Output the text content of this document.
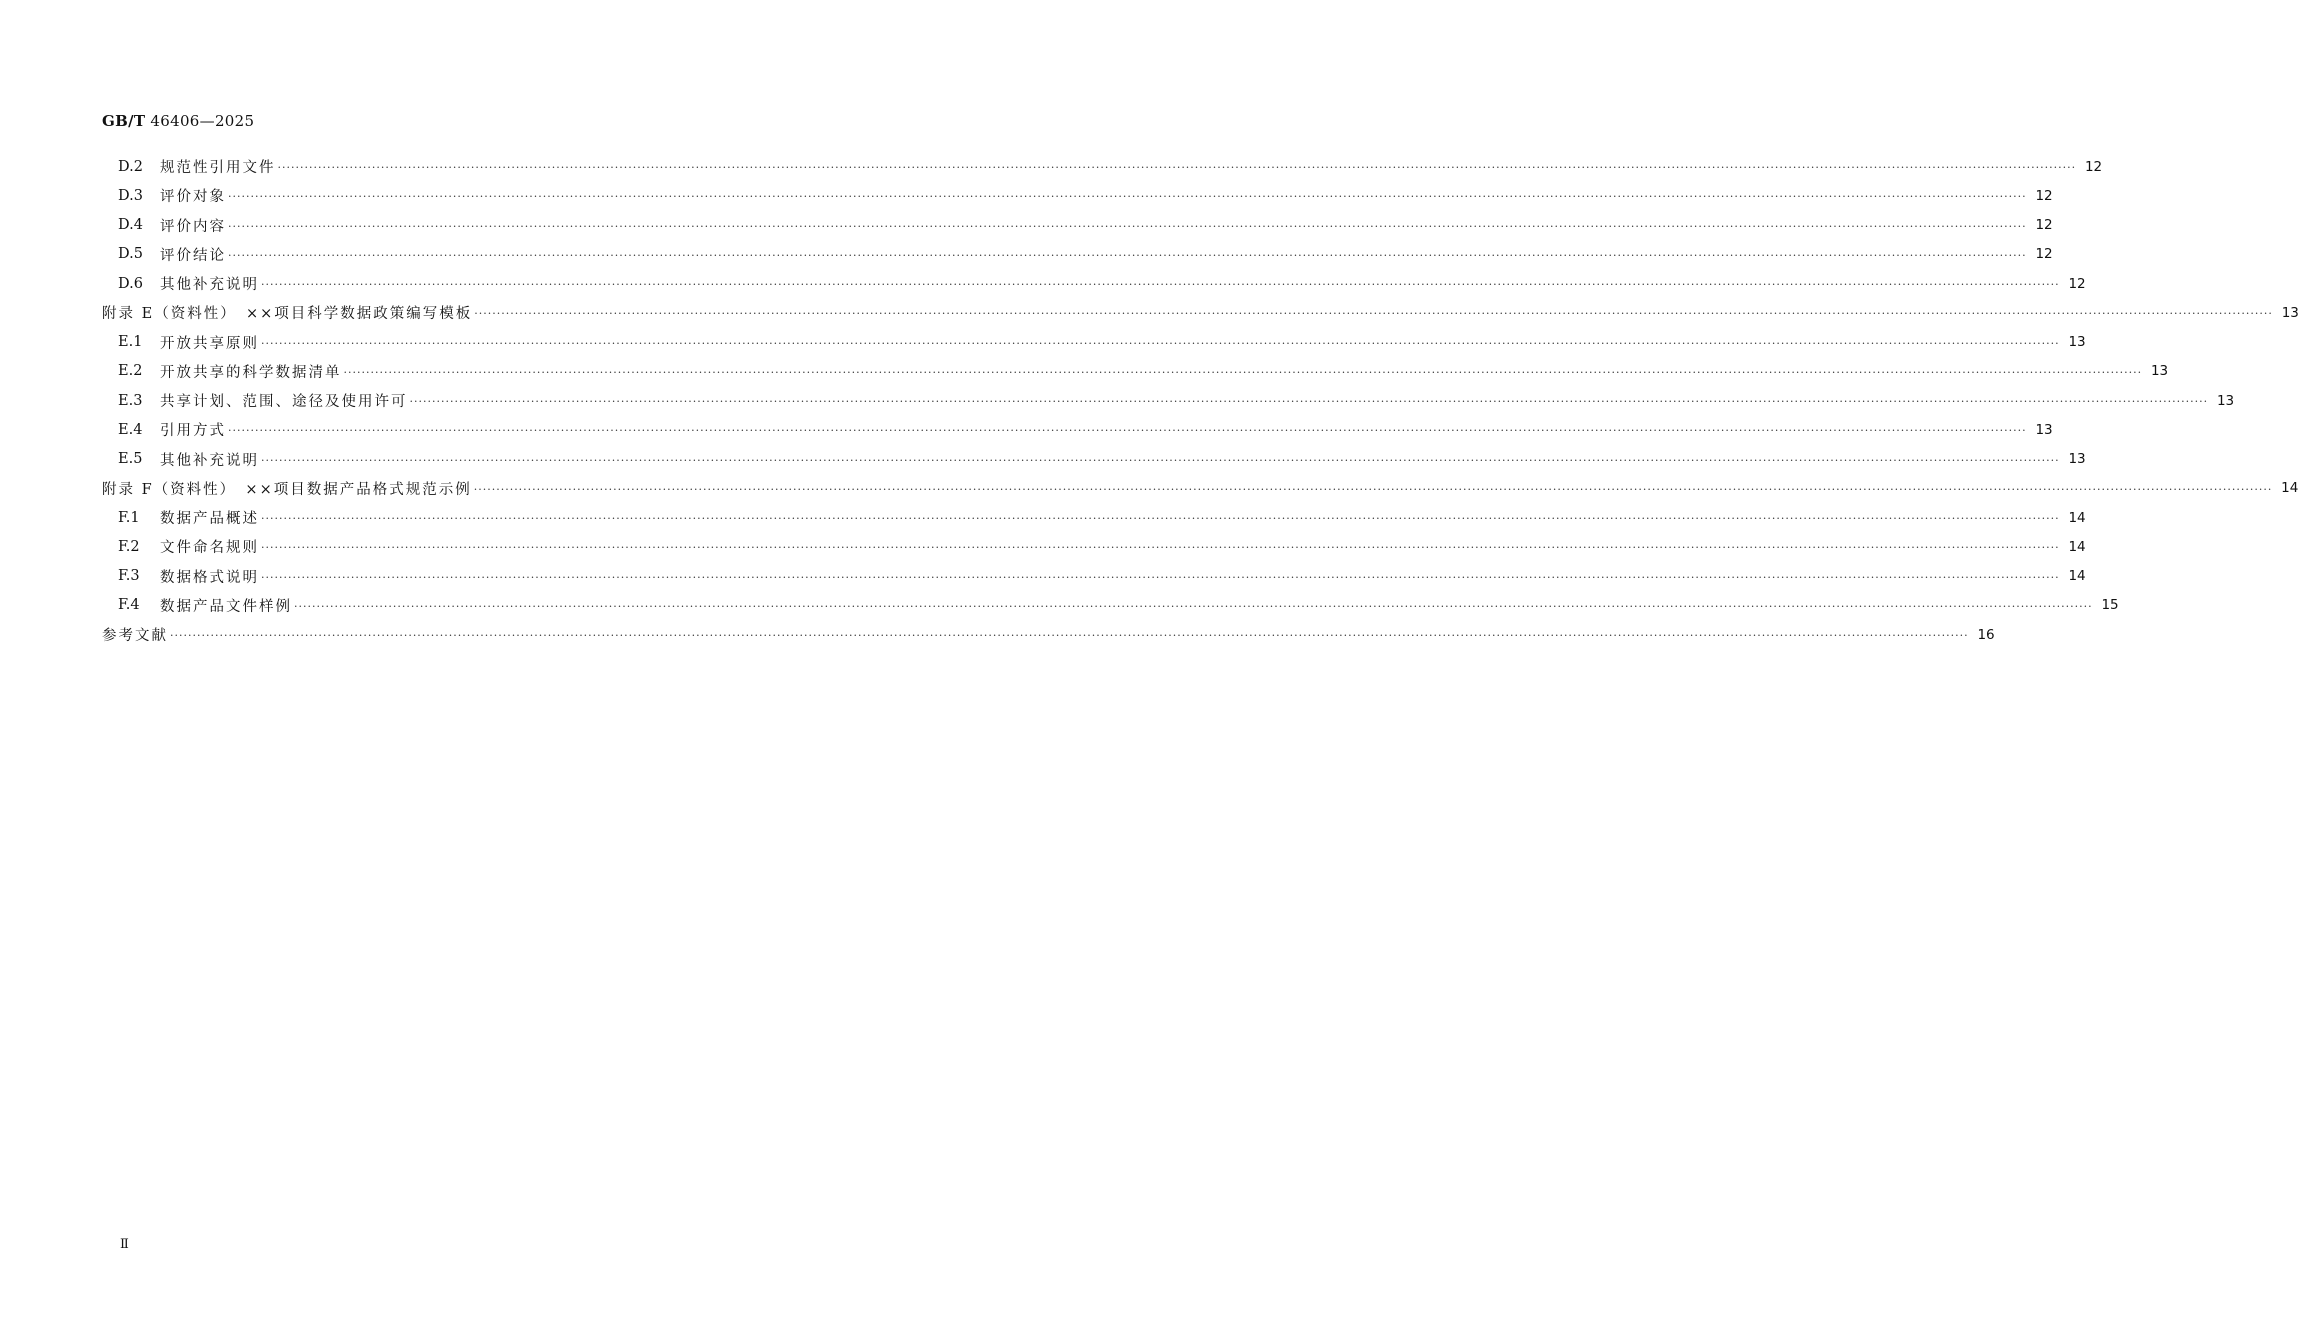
GB/T 46406—2025
D.2	规范性引用文件 ················································································································································································································································································································································································································ 12
D.3	评价对象 ················································································································································································································································································································································································································ 12
D.4	评价内容 ················································································································································································································································································································································································································ 12
D.5	评价结论 ················································································································································································································································································································································································································ 12
D.6	其他补充说明 ················································································································································································································································································································································································································ 12
附录 E（资料性）　××项目科学数据政策编写模板 ················································································································································································································································································································································································································ 13
E.1	开放共享原则 ················································································································································································································································································································································································································ 13
E.2	开放共享的科学数据清单 ················································································································································································································································································································································································································ 13
E.3	共享计划、范围、途径及使用许可 ················································································································································································································································································································································································································ 13
E.4	引用方式 ················································································································································································································································································································································································································ 13
E.5	其他补充说明 ················································································································································································································································································································································································································ 13
附录 F（资料性）　××项目数据产品格式规范示例 ················································································································································································································································································································································································································ 14
F.1	数据产品概述 ················································································································································································································································································································································································································ 14
F.2	文件命名规则 ················································································································································································································································································································································································································ 14
F.3	数据格式说明 ················································································································································································································································································································································································································ 14
F.4	数据产品文件样例 ················································································································································································································································································································································································································ 15
参考文献 ················································································································································································································································································································································································································ 16
Ⅱ
